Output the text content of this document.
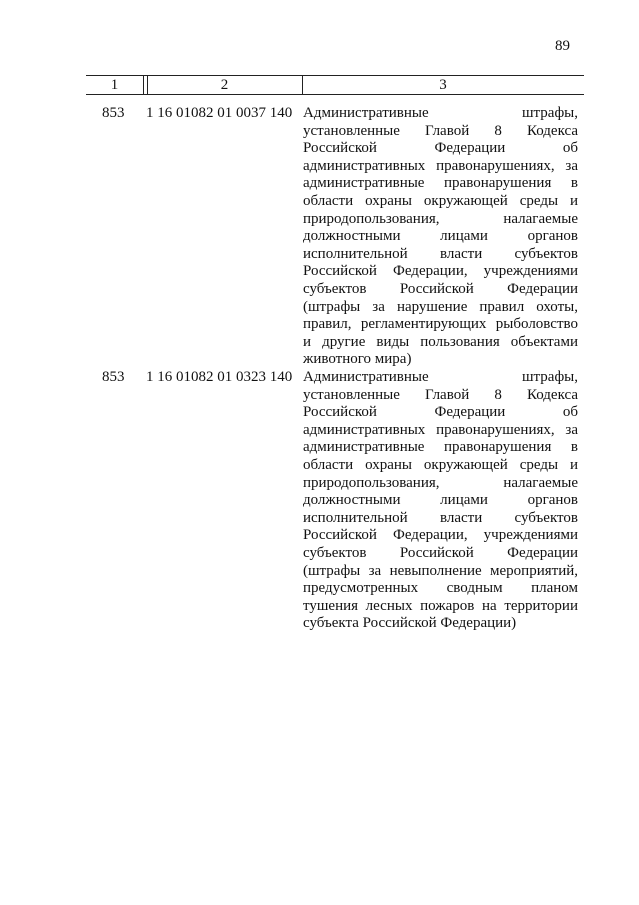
89
1	2	3
853 1 16 01082 01 0037 140 Административные штрафы,
установленные Главой 8 Кодекса
Российской Федерации об
административных правонарушениях, за
административные правонарушения в
области охраны окружающей среды и
природопользования, налагаемые
должностными лицами органов
исполнительной власти субъектов
Российской Федерации, учреждениями
субъектов Российской Федерации
(штрафы за нарушение правил охоты,
правил, регламентирующих рыболовство
и другие виды пользования объектами
животного мира)
853 1 16 01082 01 0323 140 Административные штрафы,
установленные Главой 8 Кодекса
Российской Федерации об
административных правонарушениях, за
административные правонарушения в
области охраны окружающей среды и
природопользования, налагаемые
должностными лицами органов
исполнительной власти субъектов
Российской Федерации, учреждениями
субъектов Российской Федерации
(штрафы за невыполнение мероприятий,
предусмотренных сводным планом
тушения лесных пожаров на территории
субъекта Российской Федерации)
